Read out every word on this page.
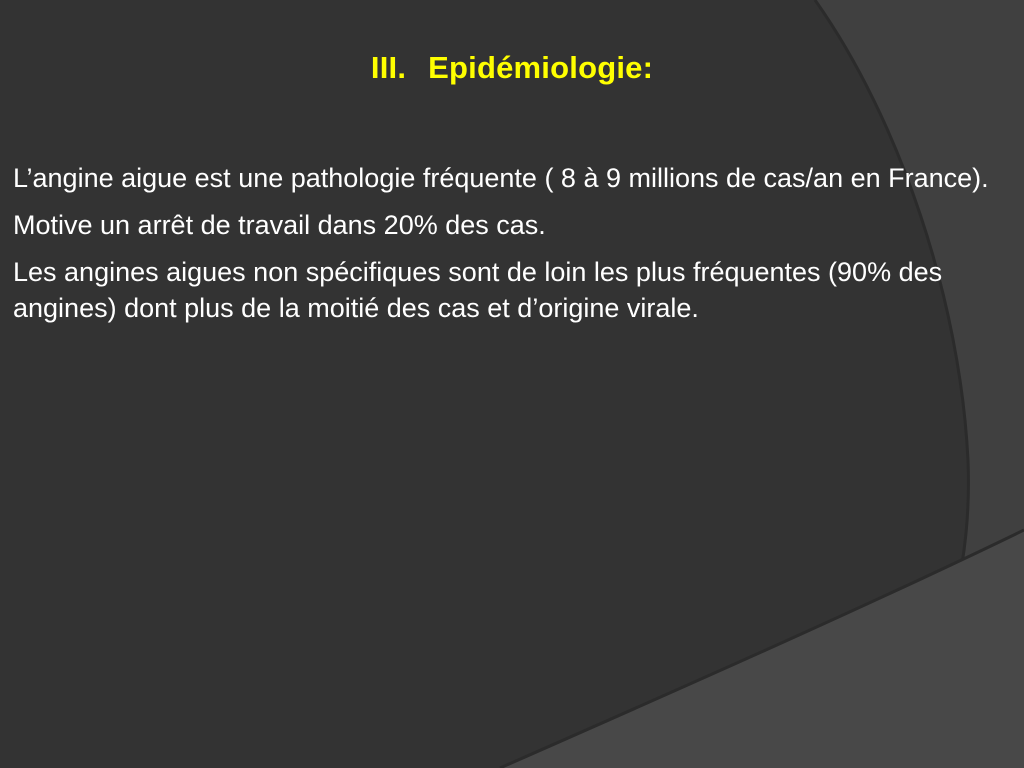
III. Epidémiologie:

L’angine aigue est une pathologie fréquente ( 8 à 9 millions de cas/an en France).

Motive un arrêt de travail dans 20% des cas.

Les angines aigues non spécifiques sont de loin les plus fréquentes (90% des angines) dont plus de la moitié des cas et d’origine virale.
